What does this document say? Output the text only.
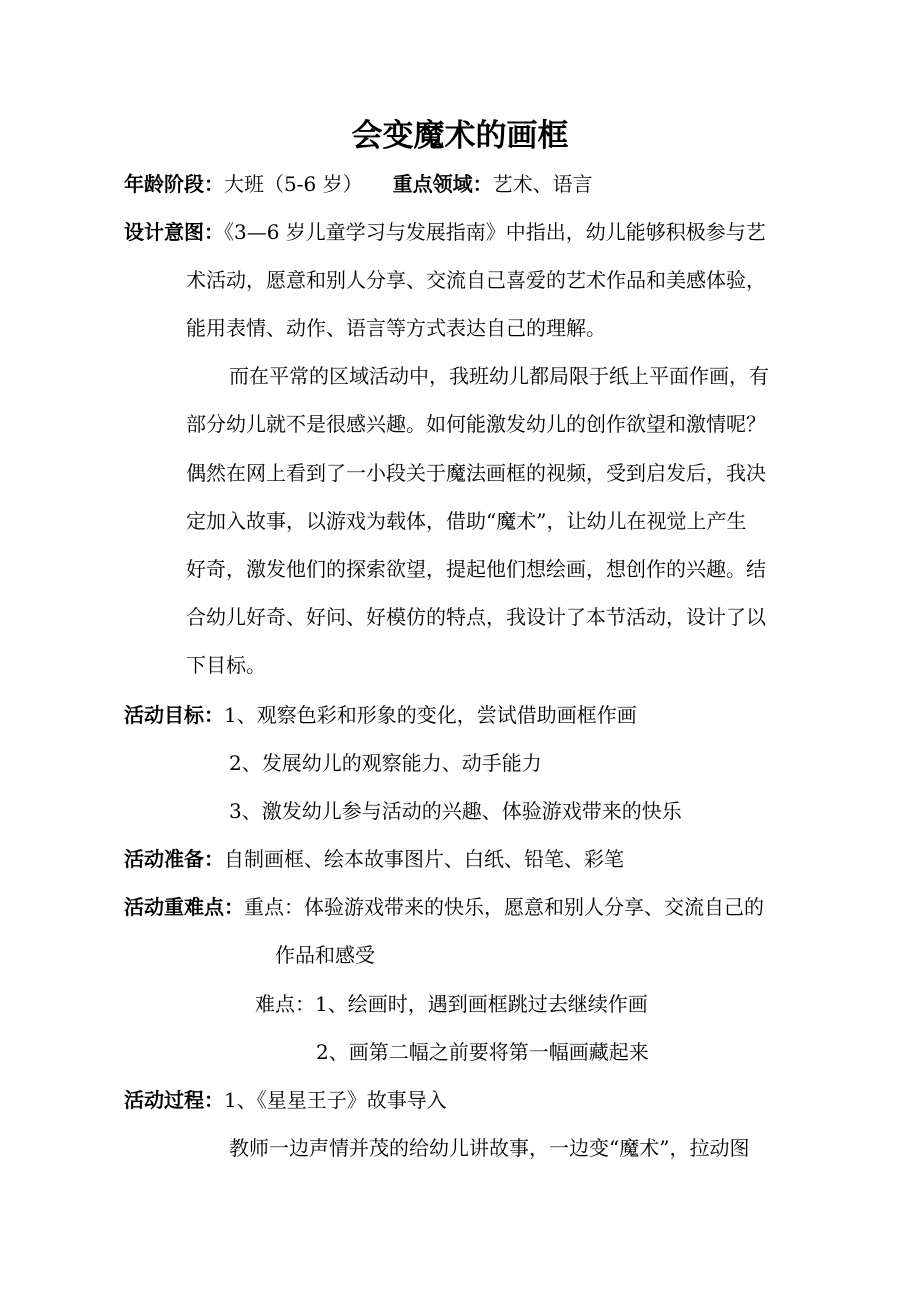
会变魔术的画框
年龄阶段：大班（5-6 岁） 重点领域：艺术、语言
设计意图：《3—6 岁儿童学习与发展指南》中指出，幼儿能够积极参与艺
术活动，愿意和别人分享、交流自己喜爱的艺术作品和美感体验，
能用表情、动作、语言等方式表达自己的理解。
而在平常的区域活动中，我班幼儿都局限于纸上平面作画，有
部分幼儿就不是很感兴趣。如何能激发幼儿的创作欲望和激情呢？
偶然在网上看到了一小段关于魔法画框的视频，受到启发后，我决
定加入故事，以游戏为载体，借助“魔术”，让幼儿在视觉上产生
好奇，激发他们的探索欲望，提起他们想绘画，想创作的兴趣。结
合幼儿好奇、好问、好模仿的特点，我设计了本节活动，设计了以
下目标。
活动目标：1、观察色彩和形象的变化，尝试借助画框作画
2、发展幼儿的观察能力、动手能力
3、激发幼儿参与活动的兴趣、体验游戏带来的快乐
活动准备：自制画框、绘本故事图片、白纸、铅笔、彩笔
活动重难点：重点：体验游戏带来的快乐，愿意和别人分享、交流自己的
作品和感受
难点：1、绘画时，遇到画框跳过去继续作画
2、画第二幅之前要将第一幅画藏起来
活动过程：1、《星星王子》故事导入
教师一边声情并茂的给幼儿讲故事，一边变“魔术”，拉动图
